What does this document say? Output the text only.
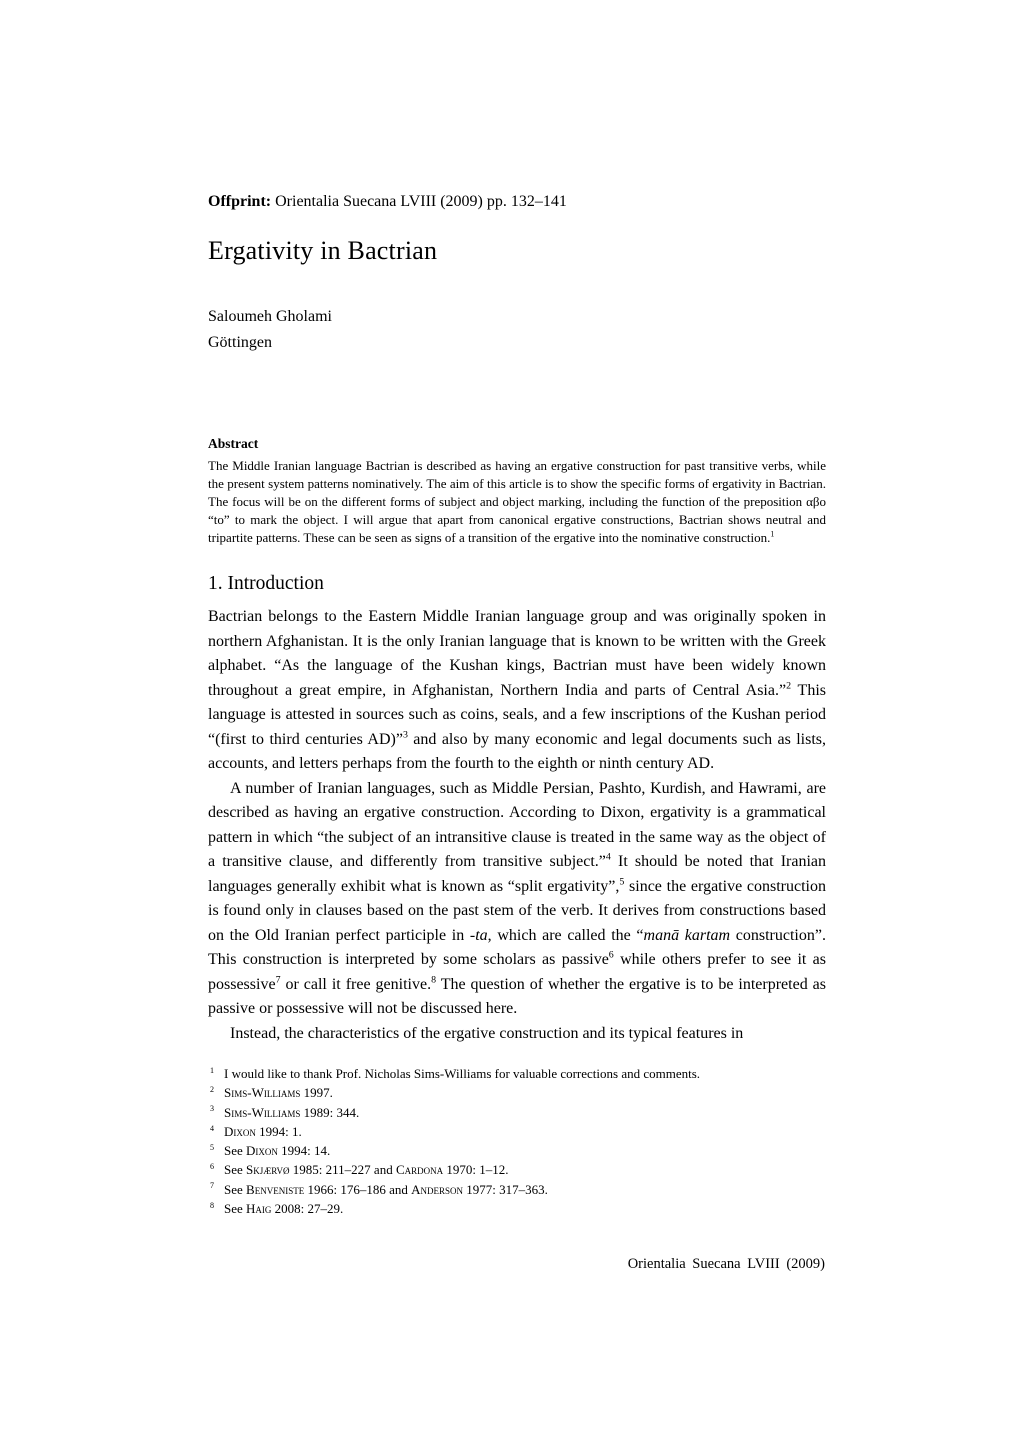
Offprint: Orientalia Suecana LVIII (2009) pp. 132–141

Ergativity in Bactrian
Saloumeh Gholami
Göttingen
Abstract

The Middle Iranian language Bactrian is described as having an ergative construction for past transitive verbs, while the present system patterns nominatively. The aim of this article is to show the specific forms of ergativity in Bactrian. The focus will be on the different forms of subject and object marking, including the function of the preposition αβο “to” to mark the object. I will argue that apart from canonical ergative constructions, Bactrian shows neutral and tripartite patterns. These can be seen as signs of a transition of the ergative into the nominative construction.$^1$

1. Introduction

Bactrian belongs to the Eastern Middle Iranian language group and was originally spoken in northern Afghanistan. It is the only Iranian language that is known to be written with the Greek alphabet. “As the language of the Kushan kings, Bactrian must have been widely known throughout a great empire, in Afghanistan, Northern India and parts of Central Asia.”$^2$ This language is attested in sources such as coins, seals, and a few inscriptions of the Kushan period “(first to third centuries AD)”$^3$ and also by many economic and legal documents such as lists, accounts, and letters perhaps from the fourth to the eighth or ninth century AD.

A number of Iranian languages, such as Middle Persian, Pashto, Kurdish, and Hawrami, are described as having an ergative construction. According to Dixon, ergativity is a grammatical pattern in which “the subject of an intransitive clause is treated in the same way as the object of a transitive clause, and differently from transitive subject.”$^4$ It should be noted that Iranian languages generally exhibit what is known as “split ergativity”,$^5$ since the ergative construction is found only in clauses based on the past stem of the verb. It derives from constructions based on the Old Iranian perfect participle in -ta, which are called the “manā kartam construction”. This construction is interpreted by some scholars as passive$^6$ while others prefer to see it as possessive$^7$ or call it free genitive.$^8$ The question of whether the ergative is to be interpreted as passive or possessive will not be discussed here.

Instead, the characteristics of the ergative construction and its typical features in

$^1$ I would like to thank Prof. Nicholas Sims-Williams for valuable corrections and comments.
$^2$ Sims-Williams 1997.
$^3$ Sims-Williams 1989: 344.
$^4$ Dixon 1994: 1.
$^5$ See Dixon 1994: 14.
$^6$ See Skjærvø 1985: 211–227 and Cardona 1970: 1–12.
$^7$ See Benveniste 1966: 176–186 and Anderson 1977: 317–363.
$^8$ See Haig 2008: 27–29.
Orientalia Suecana LVIII (2009)
